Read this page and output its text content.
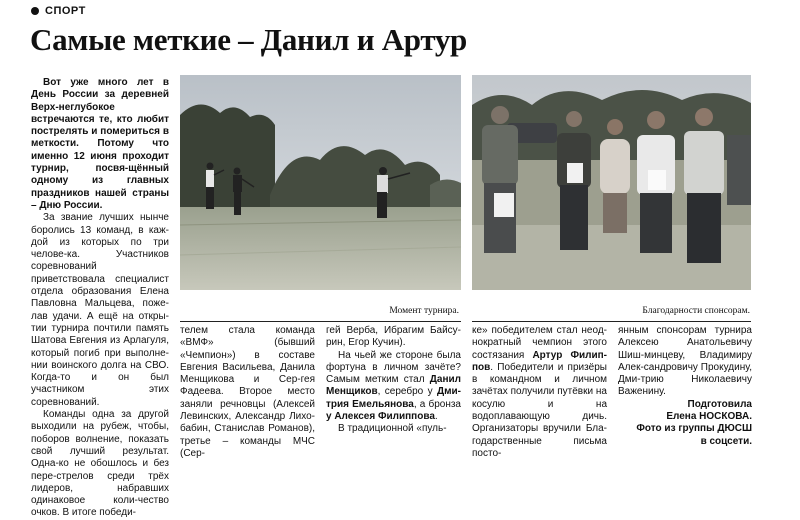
СПОРТ
Самые меткие – Данил и Артур

Вот уже много лет в День России за деревней Верх-неглубокое встречаются те, кто любит пострелять и помериться в меткости. Потому что именно 12 июня проходит турнир, посвя-щённый одному из главных праздников нашей страны – Дню России.

За звание лучших нынче боролись 13 команд, в каж-дой из которых по три челове-ка. Участников соревнований приветствовала специалист отдела образования Елена Павловна Мальцева, поже-лав удачи. А ещё на откры-тии турнира почтили память Шатова Евгения из Арлагуля, который погиб при выполне-нии воинского долга на СВО. Когда-то и он был участником этих соревнований.

Команды одна за другой выходили на рубеж, чтобы, поборов волнение, показать свой лучший результат. Одна-ко не обошлось и без пере-стрелов среди трёх лидеров, набравших одинаковое коли-чество очков. В итоге победи-

Момент турнира.	Благодарности спонсорам.

телем стала команда «ВМФ» (бывший «Чемпион») в составе Евгения Васильева, Данила Менщикова и Сер-гея Фадеева. Второе место заняли речновцы (Алексей Левинских, Александр Лихо-бабин, Станислав Романов), третье – команды МЧС (Сер-

гей Верба, Ибрагим Байсу-рин, Егор Кучин).

На чьей же стороне была фортуна в личном зачёте? Самым метким стал Данил Менщиков, серебро у Дми-трия Емельянова, а бронза у Алексея Филиппова.

В традиционной «пуль-

ке» победителем стал неод-нократный чемпион этого состязания Артур Филип-пов. Победители и призёры в командном и личном зачётах получили путёвки на косулю и на водоплавающую дичь. Организаторы вручили Бла-годарственные письма посто-

янным спонсорам турнира Алексею Анатольевичу Шиш-минцеву, Владимиру Алек-сандровичу Прокудину, Дми-трию Николаевичу Важенину.

Подготовила
Елена НОСКОВА.
Фото из группы ДЮСШ
в соцсети.
